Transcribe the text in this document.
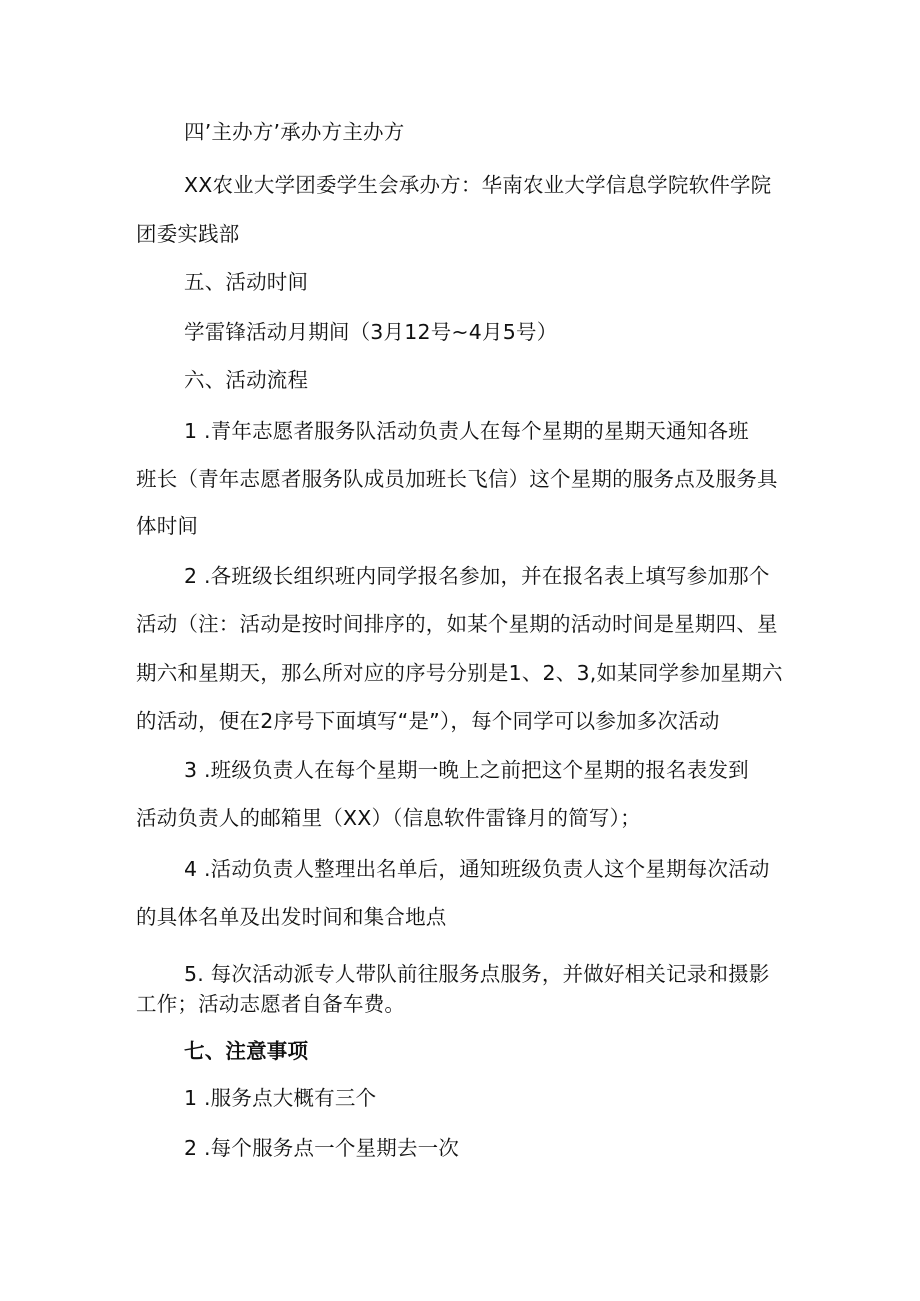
四’主办方’承办方主办方

XX农业大学团委学生会承办方：华南农业大学信息学院软件学院

团委实践部

五、活动时间

学雷锋活动月期间（3月12号~4月5号）

六、活动流程

1 .青年志愿者服务队活动负责人在每个星期的星期天通知各班

班长（青年志愿者服务队成员加班长飞信）这个星期的服务点及服务具

体时间

2 .各班级长组织班内同学报名参加，并在报名表上填写参加那个

活动（注：活动是按时间排序的，如某个星期的活动时间是星期四、星

期六和星期天，那么所对应的序号分别是1、2、3,如某同学参加星期六

的活动，便在2序号下面填写“是”），每个同学可以参加多次活动

3 .班级负责人在每个星期一晚上之前把这个星期的报名表发到

活动负责人的邮箱里（XX）（信息软件雷锋月的简写）；

4 .活动负责人整理出名单后，通知班级负责人这个星期每次活动

的具体名单及出发时间和集合地点

5. 每次活动派专人带队前往服务点服务，并做好相关记录和摄影

工作；活动志愿者自备车费。

七、注意事项

1 .服务点大概有三个

2 .每个服务点一个星期去一次
